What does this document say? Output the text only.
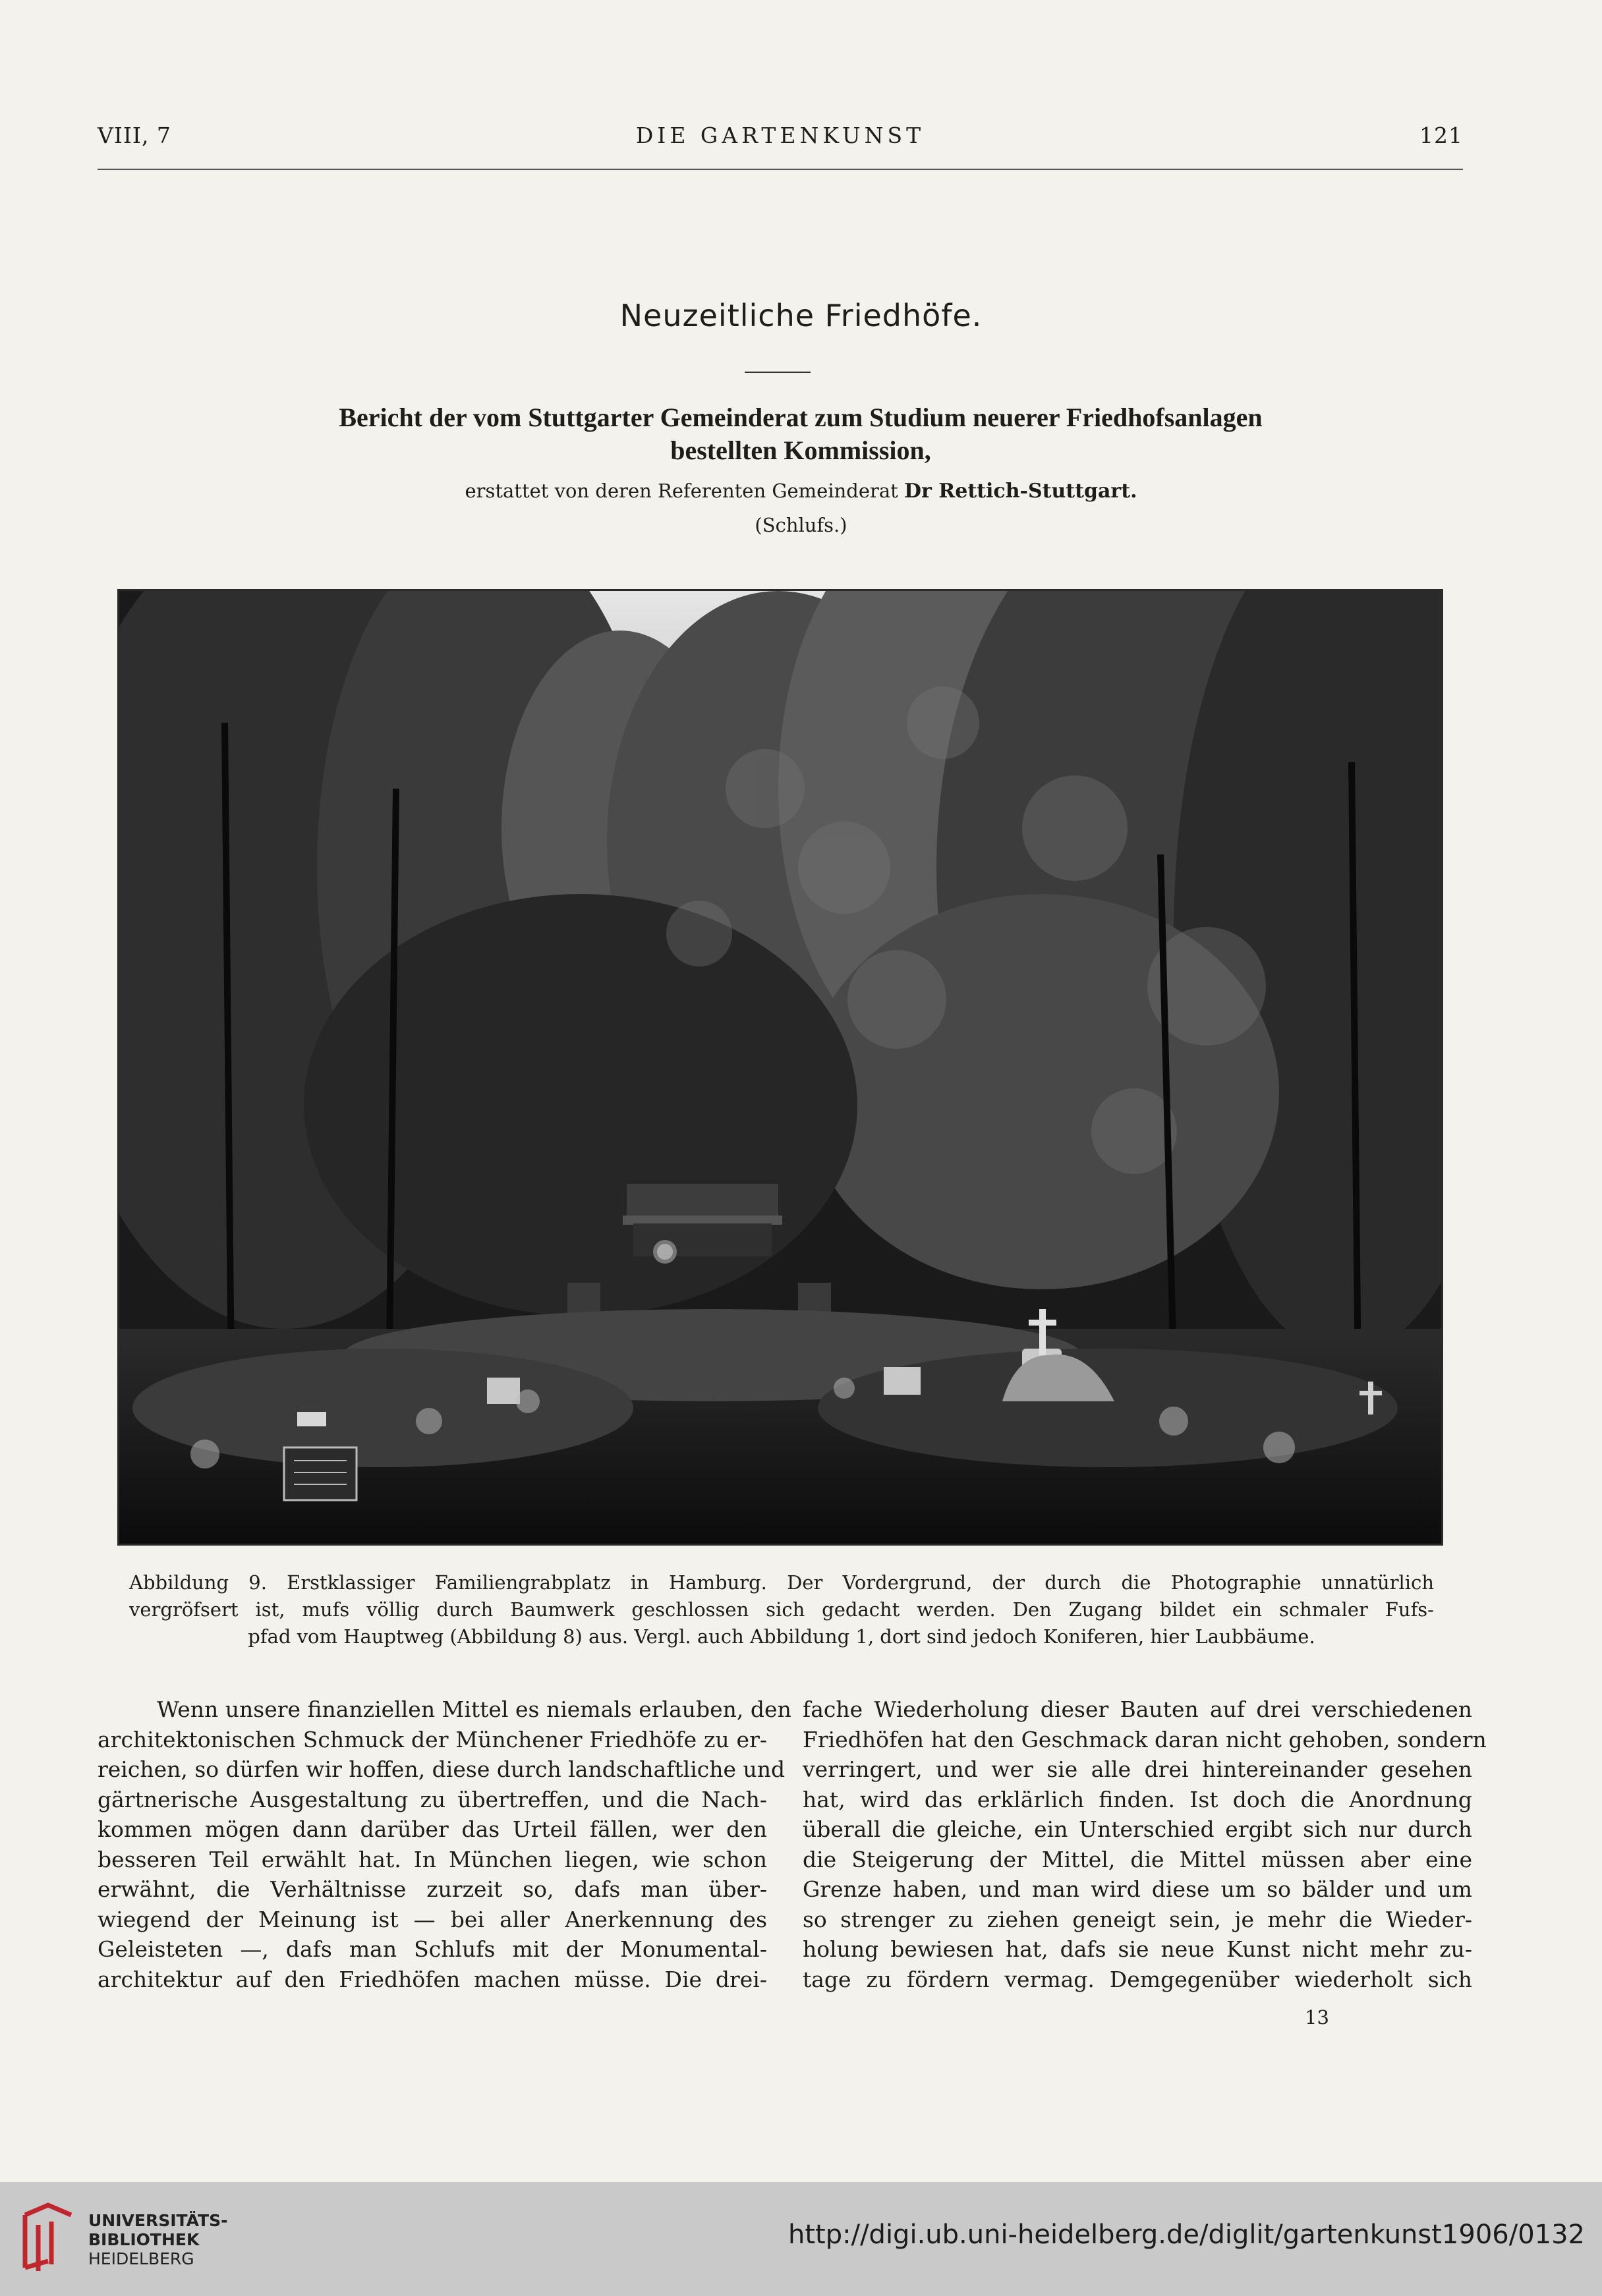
VIII, 7	DIE GARTENKUNST	121
Neuzeitliche Friedhöfe.
Bericht der vom Stuttgarter Gemeinderat zum Studium neuerer Friedhofsanlagen
bestellten Kommission,
erstattet von deren Referenten Gemeinderat Dr Rettich-Stuttgart.
(Schlufs.)
Abbildung 9. Erstklassiger Familiengrabplatz in Hamburg. Der Vordergrund, der durch die Photographie unnatürlich
vergröfsert ist, mufs völlig durch Baumwerk geschlossen sich gedacht werden. Den Zugang bildet ein schmaler Fufs-
pfad vom Hauptweg (Abbildung 8) aus. Vergl. auch Abbildung 1, dort sind jedoch Koniferen, hier Laubbäume.
Wenn unsere finanziellen Mittel es niemals erlauben, den
architektonischen Schmuck der Münchener Friedhöfe zu er-
reichen, so dürfen wir hoffen, diese durch landschaftliche und
gärtnerische Ausgestaltung zu übertreffen, und die Nach-
kommen mögen dann darüber das Urteil fällen, wer den
besseren Teil erwählt hat. In München liegen, wie schon
erwähnt, die Verhältnisse zurzeit so, dafs man über-
wiegend der Meinung ist — bei aller Anerkennung des
Geleisteten —, dafs man Schlufs mit der Monumental-
architektur auf den Friedhöfen machen müsse. Die drei-
fache Wiederholung dieser Bauten auf drei verschiedenen
Friedhöfen hat den Geschmack daran nicht gehoben, sondern
verringert, und wer sie alle drei hintereinander gesehen
hat, wird das erklärlich finden. Ist doch die Anordnung
überall die gleiche, ein Unterschied ergibt sich nur durch
die Steigerung der Mittel, die Mittel müssen aber eine
Grenze haben, und man wird diese um so bälder und um
so strenger zu ziehen geneigt sein, je mehr die Wieder-
holung bewiesen hat, dafs sie neue Kunst nicht mehr zu-
tage zu fördern vermag. Demgegenüber wiederholt sich
13
UNIVERSITÄTS-
BIBLIOTHEK
HEIDELBERG
http://digi.ub.uni-heidelberg.de/diglit/gartenkunst1906/0132
